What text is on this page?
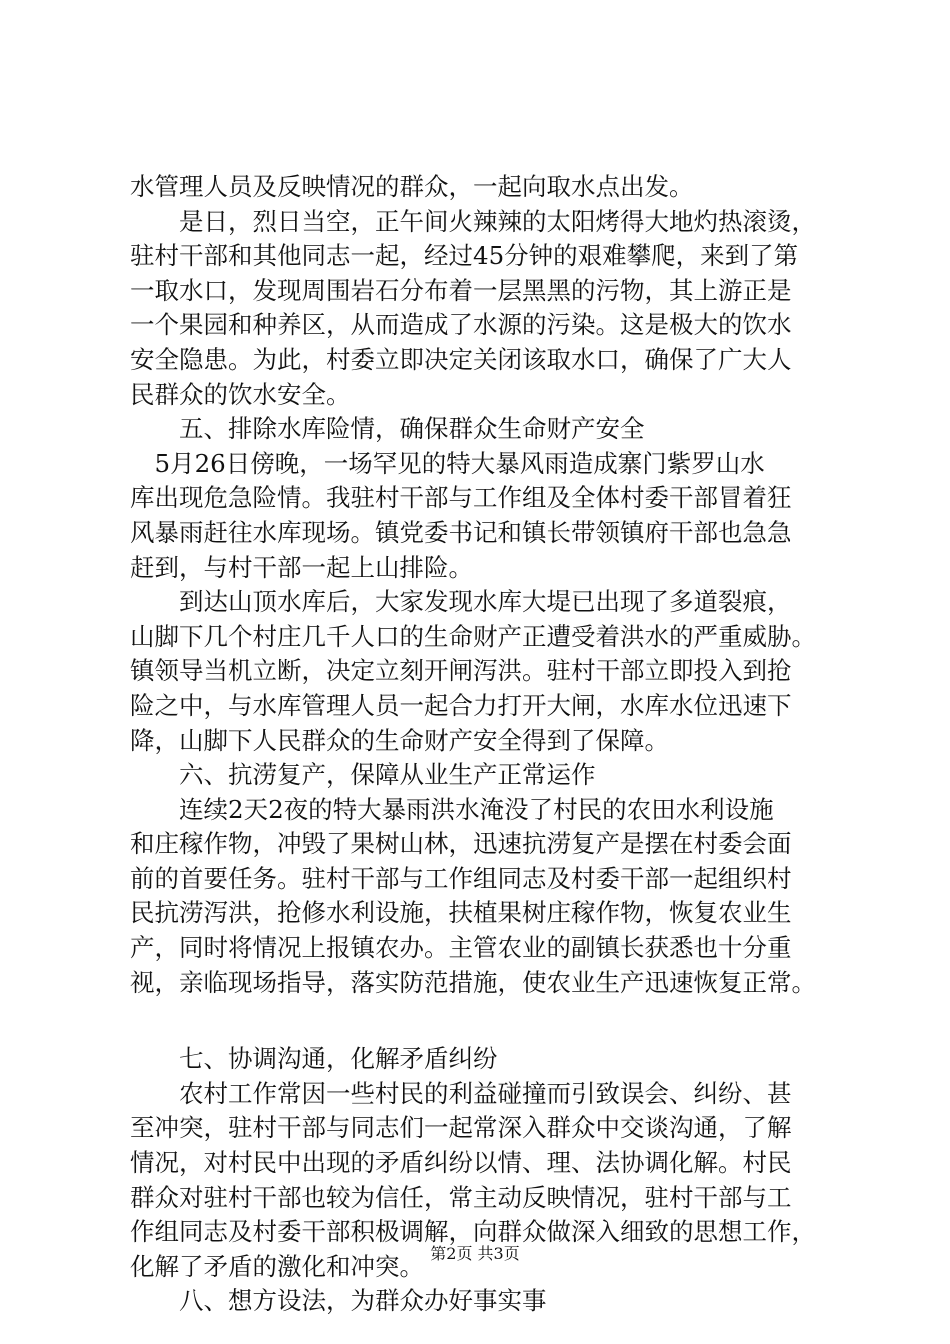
水管理人员及反映情况的群众，一起向取水点出发。
　　是日，烈日当空，正午间火辣辣的太阳烤得大地灼热滚烫，
驻村干部和其他同志一起，经过45分钟的艰难攀爬，来到了第
一取水口，发现周围岩石分布着一层黑黑的污物，其上游正是
一个果园和种养区，从而造成了水源的污染。这是极大的饮水
安全隐患。为此，村委立即决定关闭该取水口，确保了广大人
民群众的饮水安全。
　　五、排除水库险情，确保群众生命财产安全
　5月26日傍晚，一场罕见的特大暴风雨造成寨门紫罗山水
库出现危急险情。我驻村干部与工作组及全体村委干部冒着狂
风暴雨赶往水库现场。镇党委书记和镇长带领镇府干部也急急
赶到，与村干部一起上山排险。
　　到达山顶水库后，大家发现水库大堤已出现了多道裂痕，
山脚下几个村庄几千人口的生命财产正遭受着洪水的严重威胁。
镇领导当机立断，决定立刻开闸泻洪。驻村干部立即投入到抢
险之中，与水库管理人员一起合力打开大闸，水库水位迅速下
降，山脚下人民群众的生命财产安全得到了保障。
　　六、抗涝复产，保障从业生产正常运作
　　连续2天2夜的特大暴雨洪水淹没了村民的农田水利设施
和庄稼作物，冲毁了果树山林，迅速抗涝复产是摆在村委会面
前的首要任务。驻村干部与工作组同志及村委干部一起组织村
民抗涝泻洪，抢修水利设施，扶植果树庄稼作物，恢复农业生
产，同时将情况上报镇农办。主管农业的副镇长获悉也十分重
视，亲临现场指导，落实防范措施，使农业生产迅速恢复正常。
　　七、协调沟通，化解矛盾纠纷
　　农村工作常因一些村民的利益碰撞而引致误会、纠纷、甚
至冲突，驻村干部与同志们一起常深入群众中交谈沟通，了解
情况，对村民中出现的矛盾纠纷以情、理、法协调化解。村民
群众对驻村干部也较为信任，常主动反映情况，驻村干部与工
作组同志及村委干部积极调解，向群众做深入细致的思想工作，
化解了矛盾的激化和冲突。
　　八、想方设法，为群众办好事实事
第2页 共3页
